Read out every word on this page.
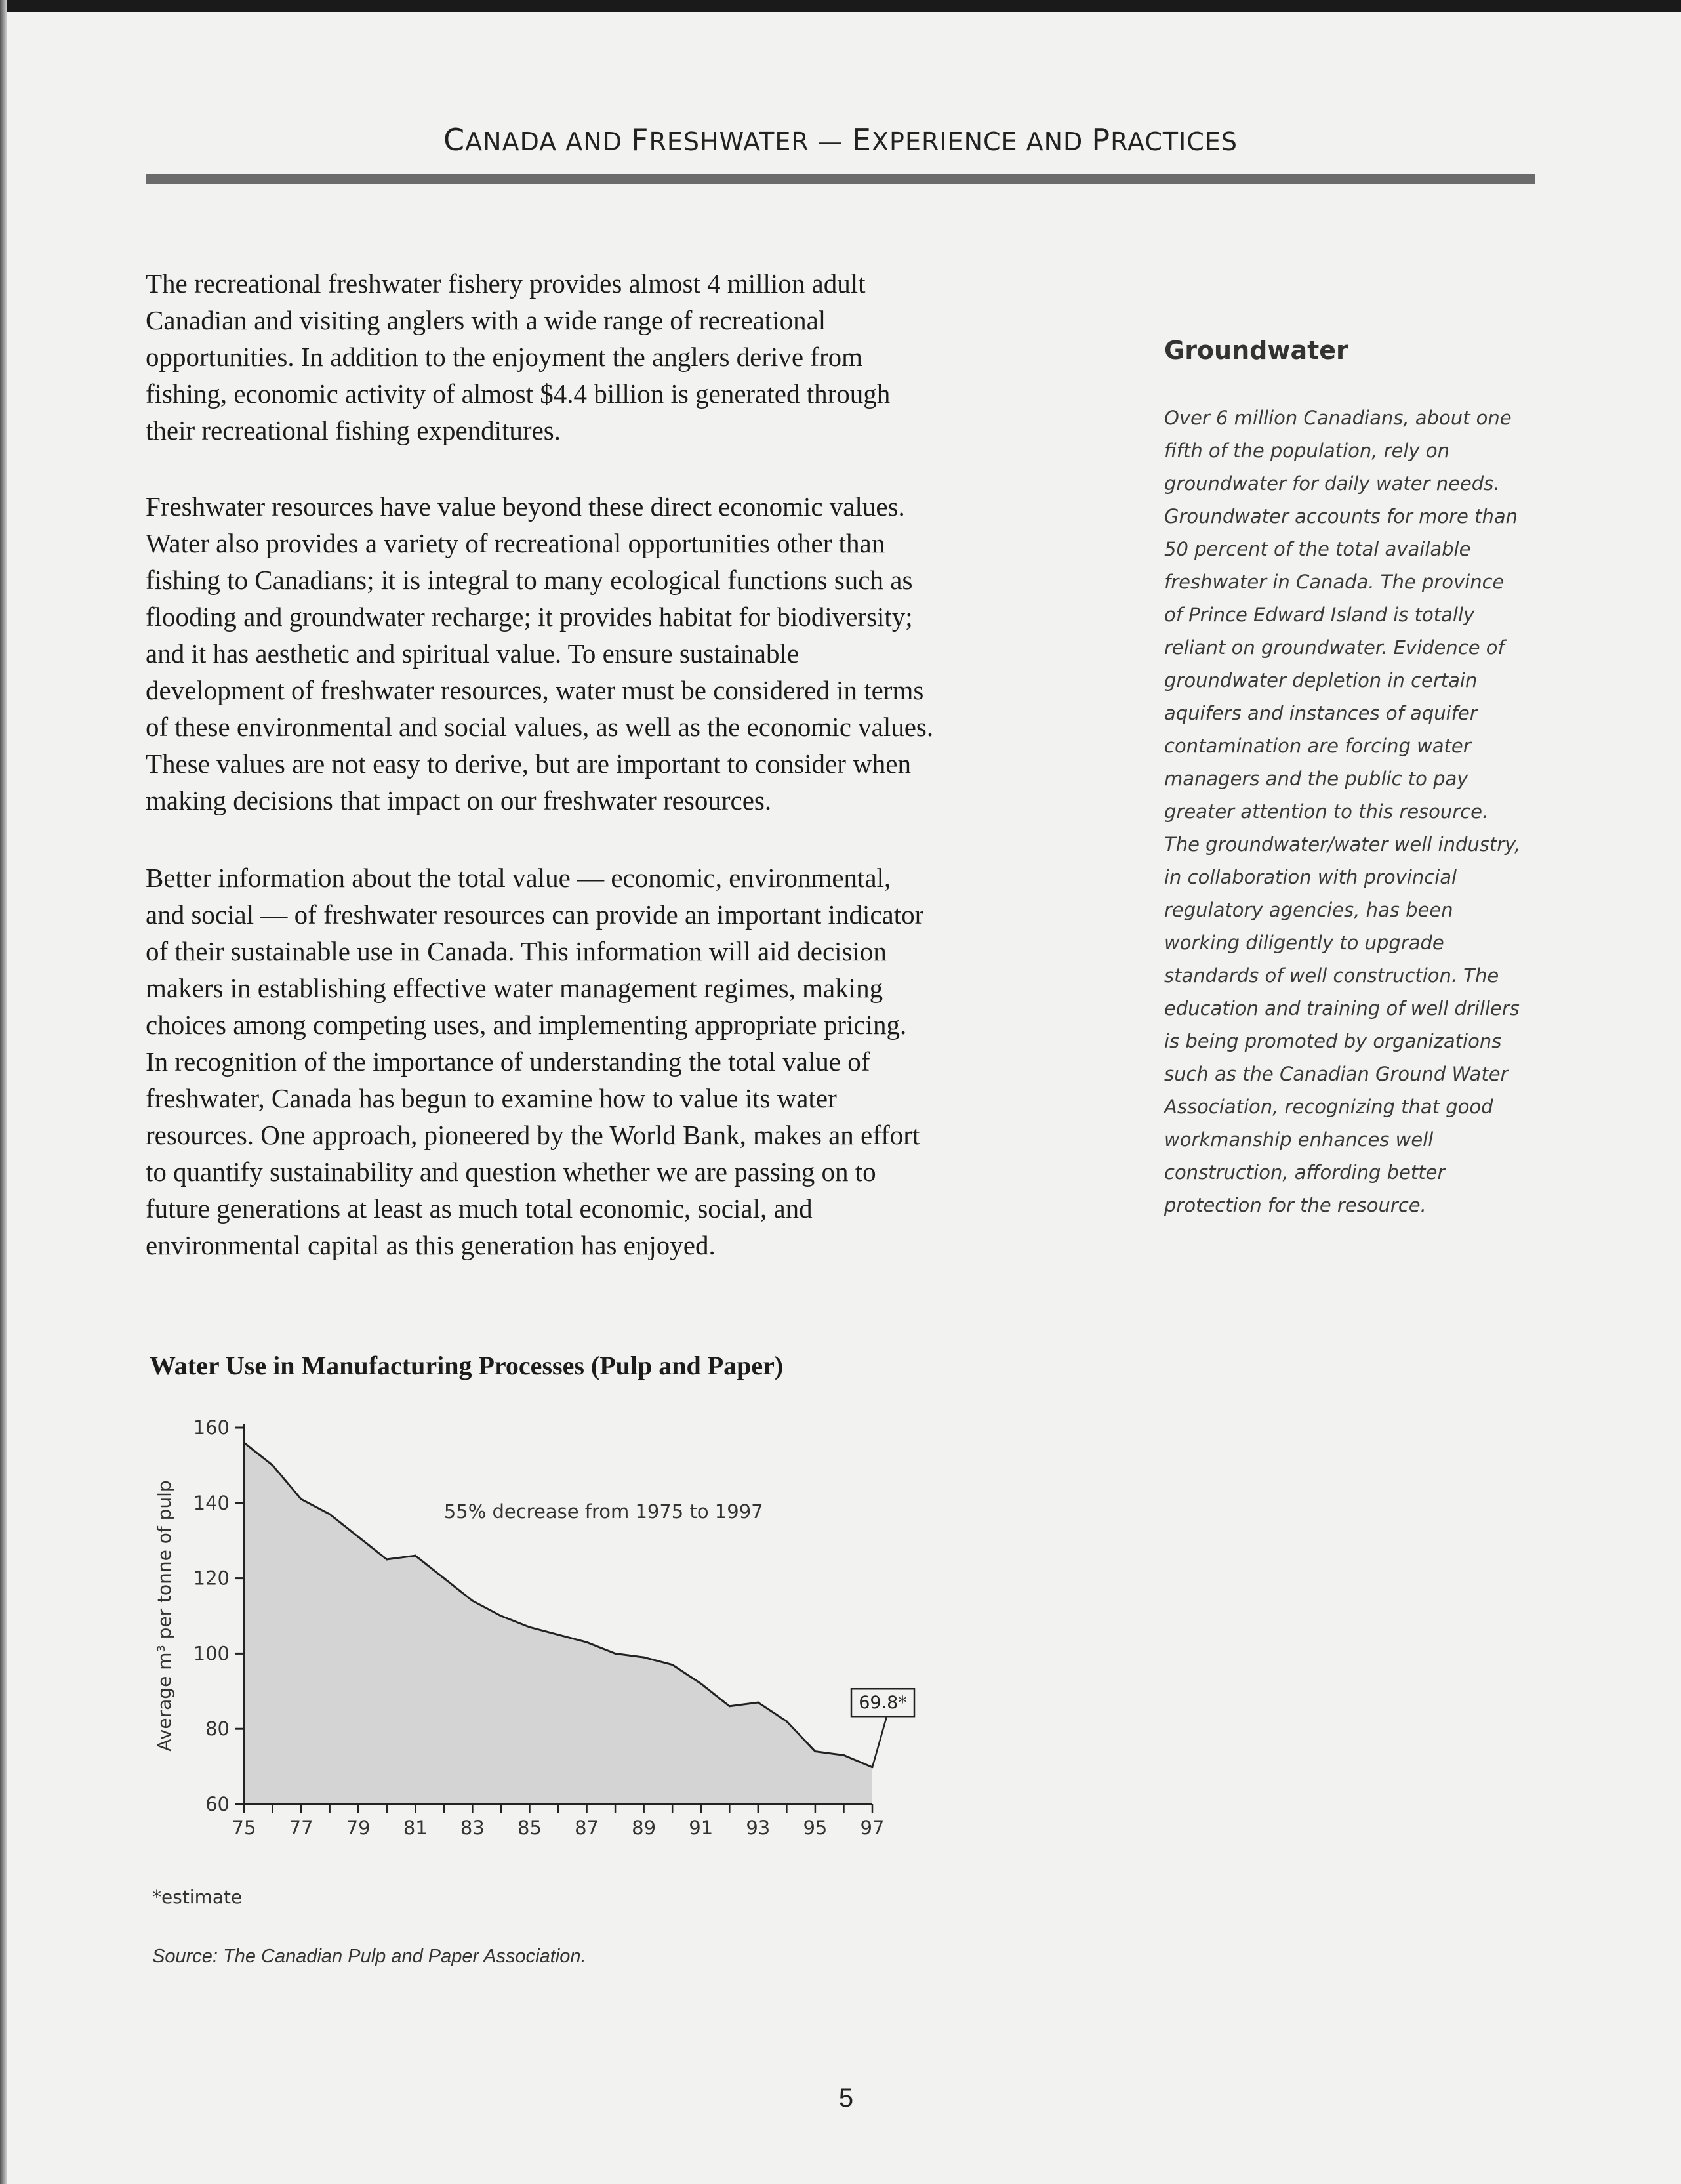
CANADA AND FRESHWATER — EXPERIENCE AND PRACTICES
The recreational freshwater fishery provides almost 4 million adult
Canadian and visiting anglers with a wide range of recreational
opportunities. In addition to the enjoyment the anglers derive from
fishing, economic activity of almost $4.4 billion is generated through
their recreational fishing expenditures.
Freshwater resources have value beyond these direct economic values.
Water also provides a variety of recreational opportunities other than
fishing to Canadians; it is integral to many ecological functions such as
flooding and groundwater recharge; it provides habitat for biodiversity;
and it has aesthetic and spiritual value. To ensure sustainable
development of freshwater resources, water must be considered in terms
of these environmental and social values, as well as the economic values.
These values are not easy to derive, but are important to consider when
making decisions that impact on our freshwater resources.
Better information about the total value — economic, environmental,
and social — of freshwater resources can provide an important indicator
of their sustainable use in Canada. This information will aid decision
makers in establishing effective water management regimes, making
choices among competing uses, and implementing appropriate pricing.
In recognition of the importance of understanding the total value of
freshwater, Canada has begun to examine how to value its water
resources. One approach, pioneered by the World Bank, makes an effort
to quantify sustainability and question whether we are passing on to
future generations at least as much total economic, social, and
environmental capital as this generation has enjoyed.
Groundwater
Over 6 million Canadians, about one
fifth of the population, rely on
groundwater for daily water needs.
Groundwater accounts for more than
50 percent of the total available
freshwater in Canada. The province
of Prince Edward Island is totally
reliant on groundwater. Evidence of
groundwater depletion in certain
aquifers and instances of aquifer
contamination are forcing water
managers and the public to pay
greater attention to this resource.
The groundwater/water well industry,
in collaboration with provincial
regulatory agencies, has been
working diligently to upgrade
standards of well construction. The
education and training of well drillers
is being promoted by organizations
such as the Canadian Ground Water
Association, recognizing that good
workmanship enhances well
construction, affording better
protection for the resource.
Water Use in Manufacturing Processes (Pulp and Paper)
60
80
100
120
140
160
75 77 79 81 83 85 87 89 91 93 95 97
Average m³ per tonne of pulp	55% decrease from 1975 to 1997
69.8*
*estimate
Source: The Canadian Pulp and Paper Association.
5
